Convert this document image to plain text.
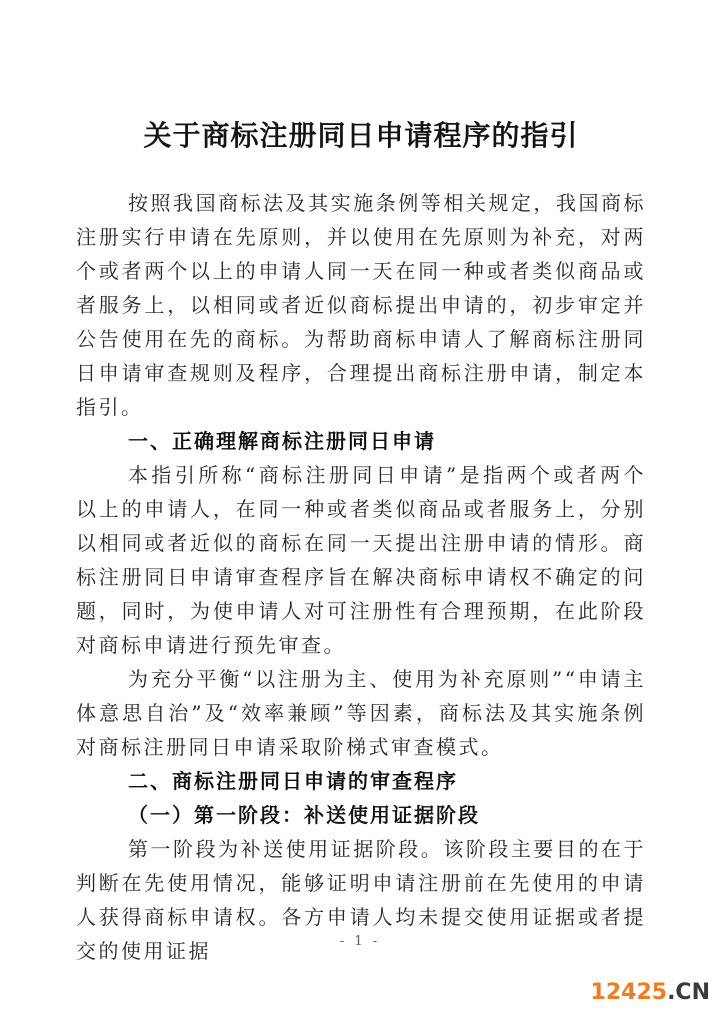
关于商标注册同日申请程序的指引

按照我国商标法及其实施条例等相关规定，我国商标注册实行申请在先原则，并以使用在先原则为补充，对两个或者两个以上的申请人同一天在同一种或者类似商品或者服务上，以相同或者近似商标提出申请的，初步审定并公告使用在先的商标。为帮助商标申请人了解商标注册同日申请审查规则及程序，合理提出商标注册申请，制定本指引。

一、正确理解商标注册同日申请

本指引所称“商标注册同日申请”是指两个或者两个以上的申请人，在同一种或者类似商品或者服务上，分别以相同或者近似的商标在同一天提出注册申请的情形。商标注册同日申请审查程序旨在解决商标申请权不确定的问题，同时，为使申请人对可注册性有合理预期，在此阶段对商标申请进行预先审查。

为充分平衡“以注册为主、使用为补充原则”“申请主体意思自治”及“效率兼顾”等因素，商标法及其实施条例对商标注册同日申请采取阶梯式审查模式。

二、商标注册同日申请的审查程序
（一）第一阶段：补送使用证据阶段

第一阶段为补送使用证据阶段。该阶段主要目的在于判断在先使用情况，能够证明申请注册前在先使用的申请人获得商标申请权。各方申请人均未提交使用证据或者提交的使用证据	- 1 -
12425.CN
